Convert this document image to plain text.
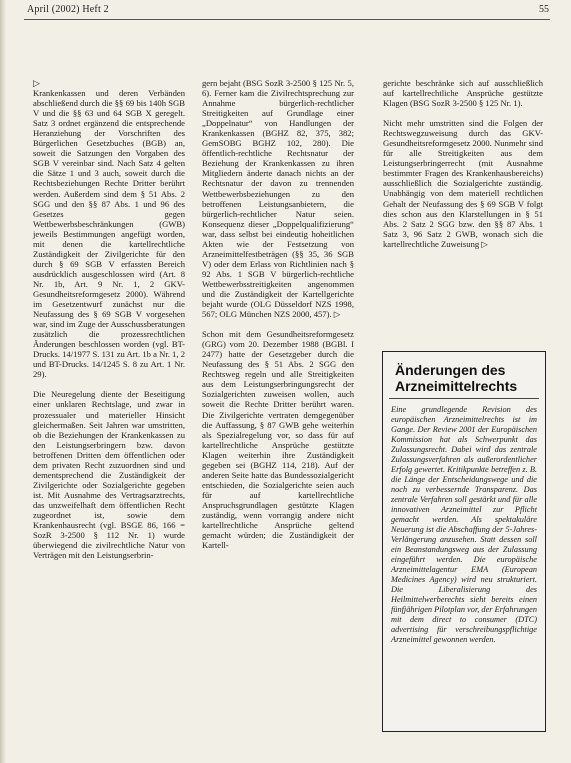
April (2002) Heft 2	55
▷

Krankenkassen und deren Verbänden abschließend durch die §§ 69 bis 140h SGB V und die §§ 63 und 64 SGB X geregelt. Satz 3 ordnet ergänzend die entsprechende Heranziehung der Vorschriften des Bürgerlichen Gesetzbuches (BGB) an, soweit die Satzungen den Vorgaben des SGB V vereinbar sind. Nach Satz 4 gelten die Sätze 1 und 3 auch, soweit durch die Rechtsbeziehungen Rechte Dritter berührt werden. Außerdem sind dem § 51 Abs. 2 SGG und den §§ 87 Abs. 1 und 96 des Gesetzes gegen Wettbewerbsbeschränkungen (GWB) jeweils Bestimmungen angefügt worden, mit denen die kartellrechtliche Zuständigkeit der Zivilgerichte für den durch § 69 SGB V erfassten Bereich ausdrücklich ausgeschlossen wird (Art. 8 Nr. 1b, Art. 9 Nr. 1, 2 GKV-Gesundheitsreformgesetz 2000). Während im Gesetzentwurf zunächst nur die Neufassung des § 69 SGB V vorgesehen war, sind im Zuge der Ausschussberatungen zusätzlich die prozessrechtlichen Änderungen beschlossen worden (vgl. BT-Drucks. 14/1977 S. 131 zu Art. 1b a Nr. 1, 2 und BT-Drucks. 14/1245 S. 8 zu Art. 1 Nr. 29).

Die Neuregelung diente der Beseitigung einer unklaren Rechtslage, und zwar in prozessualer und materieller Hinsicht gleichermaßen. Seit Jahren war umstritten, ob die Beziehungen der Krankenkassen zu den Leistungserbringern bzw. davon betroffenen Dritten dem öffentlichen oder dem privaten Recht zuzuordnen sind und dementsprechend die Zuständigkeit der Zivilgerichte oder Sozialgerichte gegeben ist. Mit Ausnahme des Vertragsarztrechts, das unzweifelhaft dem öffentlichen Recht zugeordnet ist, sowie dem Krankenhausrecht (vgl. BSGE 86, 166 = SozR 3-2500 § 112 Nr. 1) wurde überwiegend die zivilrechtliche Natur von Verträgen mit den Leistungserbrin-

gern bejaht (BSG SozR 3-2500 § 125 Nr. 5, 6). Ferner kam die Zivilrechtsprechung zur Annahme bürgerlich-rechtlicher Streitigkeiten auf Grundlage einer „Doppelnatur“ von Handlungen der Krankenkassen (BGHZ 82, 375, 382; GemSOBG BGHZ 102, 280). Die öffentlich-rechtliche Rechtsnatur der Beziehung der Krankenkassen zu ihren Mitgliedern änderte danach nichts an der Rechtsnatur der davon zu trennenden Wettbewerbsbeziehungen zu den betroffenen Leistungsanbietern, die bürgerlich-rechtlicher Natur seien. Konsequenz dieser „Doppelqualifizierung“ war, dass selbst bei eindeutig hoheitlichen Akten wie der Festsetzung von Arzneimittelfestbeträgen (§§ 35, 36 SGB V) oder dem Erlass von Richtlinien nach § 92 Abs. 1 SGB V bürgerlich-rechtliche Wettbewerbsstreitigkeiten angenommen und die Zuständigkeit der Kartellgerichte bejaht wurde (OLG Düsseldorf NZS 1998, 567; OLG München NZS 2000, 457). ▷

Schon mit dem Gesundheitsreformgesetz (GRG) vom 20. Dezember 1988 (BGBl. I 2477) hatte der Gesetzgeber durch die Neufassung des § 51 Abs. 2 SGG den Rechtsweg regeln und alle Streitigkeiten aus dem Leistungserbringungsrecht der Sozialgerichten zuweisen wollen, auch soweit die Rechte Dritter berührt waren. Die Zivilgerichte vertraten demgegenüber die Auffassung, § 87 GWB gehe weiterhin als Spezialregelung vor, so dass für auf kartellrechtliche Ansprüche gestützte Klagen weiterhin ihre Zuständigkeit gegeben sei (BGHZ 114, 218). Auf der anderen Seite hatte das Bundessozialgericht entschieden, die Sozialgerichte seien auch für auf kartellrechtliche Anspruchsgrundlagen gestützte Klagen zuständig, wenn vorrangig andere nicht kartellrechtliche Ansprüche geltend gemacht würden; die Zuständigkeit der Kartell-

gerichte beschränke sich auf ausschließlich auf kartellrechtliche Ansprüche gestützte Klagen (BSG SozR 3-2500 § 125 Nr. 1).

Nicht mehr umstritten sind die Folgen der Rechtswegzuweisung durch das GKV-Gesundheitsreformgesetz 2000. Nunmehr sind für alle Streitigkeiten aus dem Leistungserbringerrecht (mit Ausnahme bestimmter Fragen des Krankenhausbereichs) ausschließlich die Sozialgerichte zuständig. Unabhängig von dem materiell rechtlichen Gehalt der Neufassung des § 69 SGB V folgt dies schon aus den Klarstellungen in § 51 Abs. 2 Satz 2 SGG bzw. den §§ 87 Abs. 1 Satz 3, 96 Satz 2 GWB, wonach sich die kartellrechtliche Zuweisung ▷

Änderungen des
Arzneimittelrechts
Eine grundlegende Revision des europäischen Arzneimittelrechts ist im Gange. Der Review 2001 der Europäischen Kommission hat als Schwerpunkt das Zulassungsrecht. Dabei wird das zentrale Zulassungsverfahren als außerordentlicher Erfolg gewertet. Kritikpunkte betreffen z. B. die Länge der Entscheidungswege und die noch zu verbessernde Transparenz. Das zentrale Verfahren soll gestärkt und für alle innovativen Arzneimittel zur Pflicht gemacht werden. Als spektakuläre Neuerung ist die Abschaffung der 5-Jahres-Verlängerung anzusehen. Statt dessen soll ein Beanstandungsweg aus der Zulassung eingeführt werden. Die europäische Arzneimittelagentur EMA (European Medicines Agency) wird neu strukturiert. Die Liberalisierung des Heilmittelwerberechts sieht bereits einen fünfjährigen Pilotplan vor, der Erfahrungen mit dem direct to consumer (DTC) advertising für verschreibungspflichtige Arzneimittel gewonnen werden.
